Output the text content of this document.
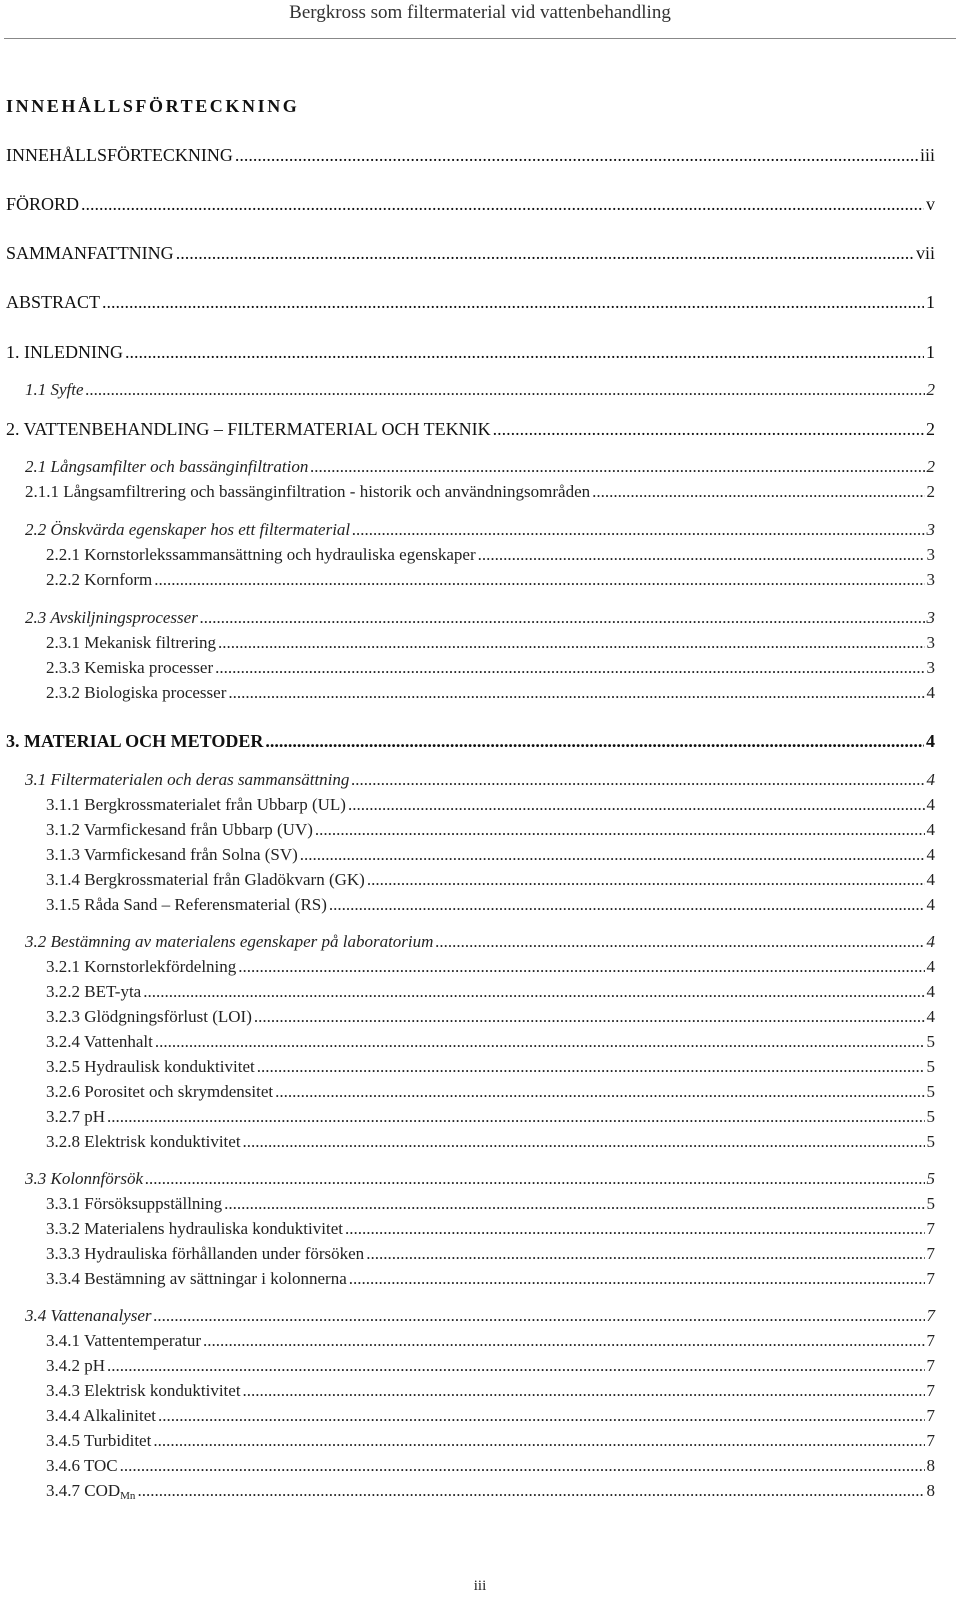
Bergkross som filtermaterial vid vattenbehandling
INNEHÅLLSFÖRTECKNING
INNEHÅLLSFÖRTECKNING .....	iii
FÖRORD .....	v
SAMMANFATTNING .....	vii
ABSTRACT .....	1
1. INLEDNING .....	1
1.1 Syfte .....	2
2. VATTENBEHANDLING – FILTERMATERIAL OCH TEKNIK .....	2
2.1 Långsamfilter och bassänginfiltration .....	2
2.1.1 Långsamfiltrering och bassänginfiltration - historik och användningsområden .....	2
2.2 Önskvärda egenskaper hos ett filtermaterial .....	3
2.2.1 Kornstorlekssammansättning och hydrauliska egenskaper .....	3
2.2.2 Kornform .....	3
2.3 Avskiljningsprocesser .....	3
2.3.1 Mekanisk filtrering .....	3
2.3.3 Kemiska processer .....	3
2.3.2 Biologiska processer .....	4
3. MATERIAL OCH METODER .....	4
3.1 Filtermaterialen och deras sammansättning .....	4
3.1.1 Bergkrossmaterialet från Ubbarp (UL) .....	4
3.1.2 Varmfickesand från Ubbarp (UV) .....	4
3.1.3 Varmfickesand från Solna (SV) .....	4
3.1.4 Bergkrossmaterial från Gladökvarn (GK) .....	4
3.1.5 Råda Sand – Referensmaterial (RS) .....	4
3.2 Bestämning av materialens egenskaper på laboratorium .....	4
3.2.1 Kornstorlekfördelning .....	4
3.2.2 BET-yta .....	4
3.2.3 Glödgningsförlust (LOI) .....	4
3.2.4 Vattenhalt .....	5
3.2.5 Hydraulisk konduktivitet .....	5
3.2.6 Porositet och skrymdensitet .....	5
3.2.7 pH .....	5
3.2.8 Elektrisk konduktivitet .....	5
3.3 Kolonnförsök .....	5
3.3.1 Försöksuppställning .....	5
3.3.2 Materialens hydrauliska konduktivitet .....	7
3.3.3 Hydrauliska förhållanden under försöken .....	7
3.3.4 Bestämning av sättningar i kolonnerna .....	7
3.4 Vattenanalyser .....	7
3.4.1 Vattentemperatur .....	7
3.4.2 pH .....	7
3.4.3 Elektrisk konduktivitet .....	7
3.4.4 Alkalinitet .....	7
3.4.5 Turbiditet .....	7
3.4.6 TOC .....	8
3.4.7 CODMn .....	8
iii
